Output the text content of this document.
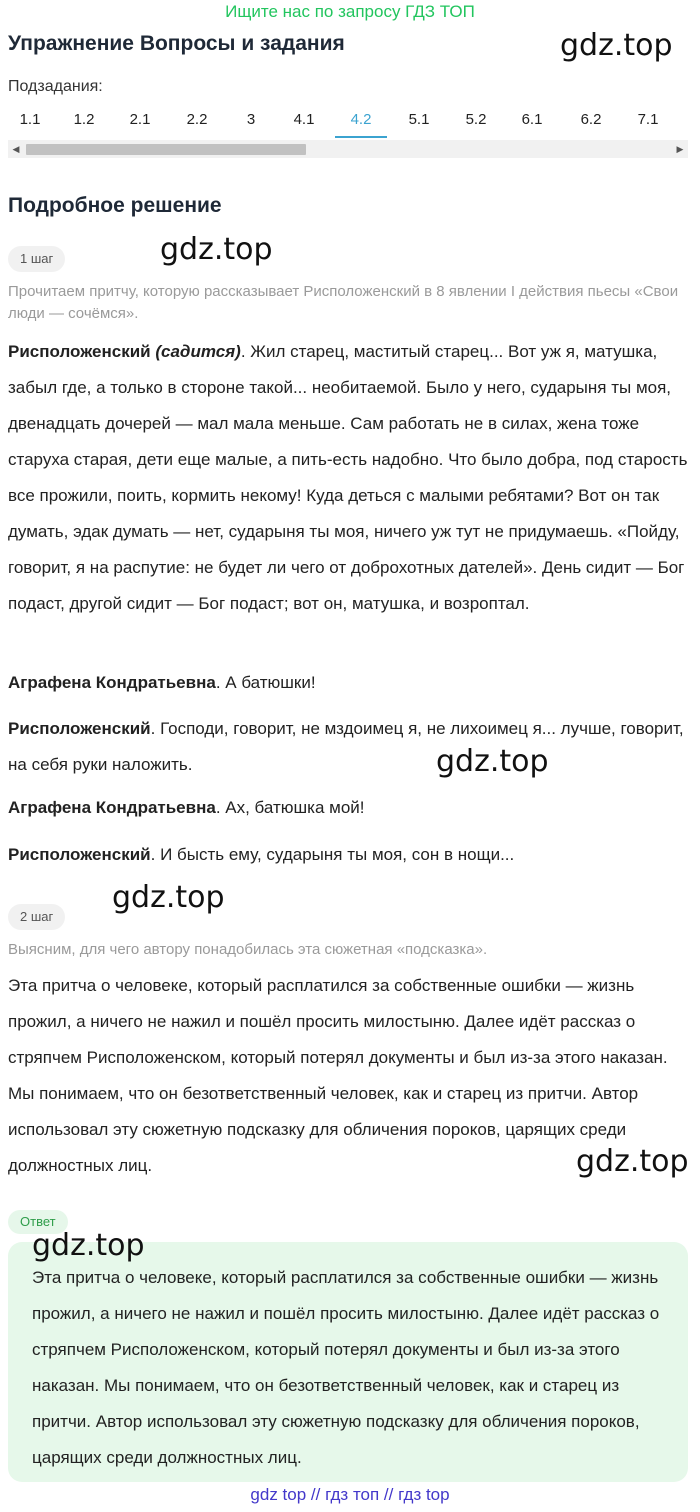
Ищите нас по запросу ГДЗ ТОП
Упражнение Вопросы и задания	gdz.top
Подзадания:
1.1	1.2	2.1	2.2	3	4.1	4.2	5.1	5.2	6.1	6.2	7.1
◀	▶
Подробное решение
1 шаг	gdz.top
Прочитаем притчу, которую рассказывает Рисположенский в 8 явлении I действия пьесы «Свои люди — сочёмся».
Рисположенский (садится). Жил старец, маститый старец... Вот уж я, матушка, забыл где, а только в стороне такой... необитаемой. Было у него, сударыня ты моя, двенадцать дочерей — мал мала меньше. Сам работать не в силах, жена тоже старуха старая, дети еще малые, а пить-есть надобно. Что было добра, под старость все прожили, поить, кормить некому! Куда деться с малыми ребятами? Вот он так думать, эдак думать — нет, сударыня ты моя, ничего уж тут не придумаешь. «Пойду, говорит, я на распутие: не будет ли чего от доброхотных дателей». День сидит — Бог подаст, другой сидит — Бог подаст; вот он, матушка, и возроптал.
Аграфена Кондратьевна. А батюшки!
Рисположенский. Господи, говорит, не мздоимец я, не лихоимец я... лучше, говорит, на себя руки наложить.	gdz.top
Аграфена Кондратьевна. Ах, батюшка мой!
Рисположенский. И бысть ему, сударыня ты моя, сон в нощи...
2 шаг
gdz.top
Выясним, для чего автору понадобилась эта сюжетная «подсказка».
Эта притча о человеке, который расплатился за собственные ошибки — жизнь прожил, а ничего не нажил и пошёл просить милостыню. Далее идёт рассказ о стряпчем Рисположенском, который потерял документы и был из-за этого наказан. Мы понимаем, что он безответственный человек, как и старец из притчи. Автор использовал эту сюжетную подсказку для обличения пороков, царящих среди должностных лиц.	gdz.top
Ответ
gdz.top
Эта притча о человеке, который расплатился за собственные ошибки — жизнь прожил, а ничего не нажил и пошёл просить милостыню. Далее идёт рассказ о стряпчем Рисположенском, который потерял документы и был из-за этого наказан. Мы понимаем, что он безответственный человек, как и старец из притчи. Автор использовал эту сюжетную подсказку для обличения пороков, царящих среди должностных лиц.
gdz top // гдз топ // гдз top
